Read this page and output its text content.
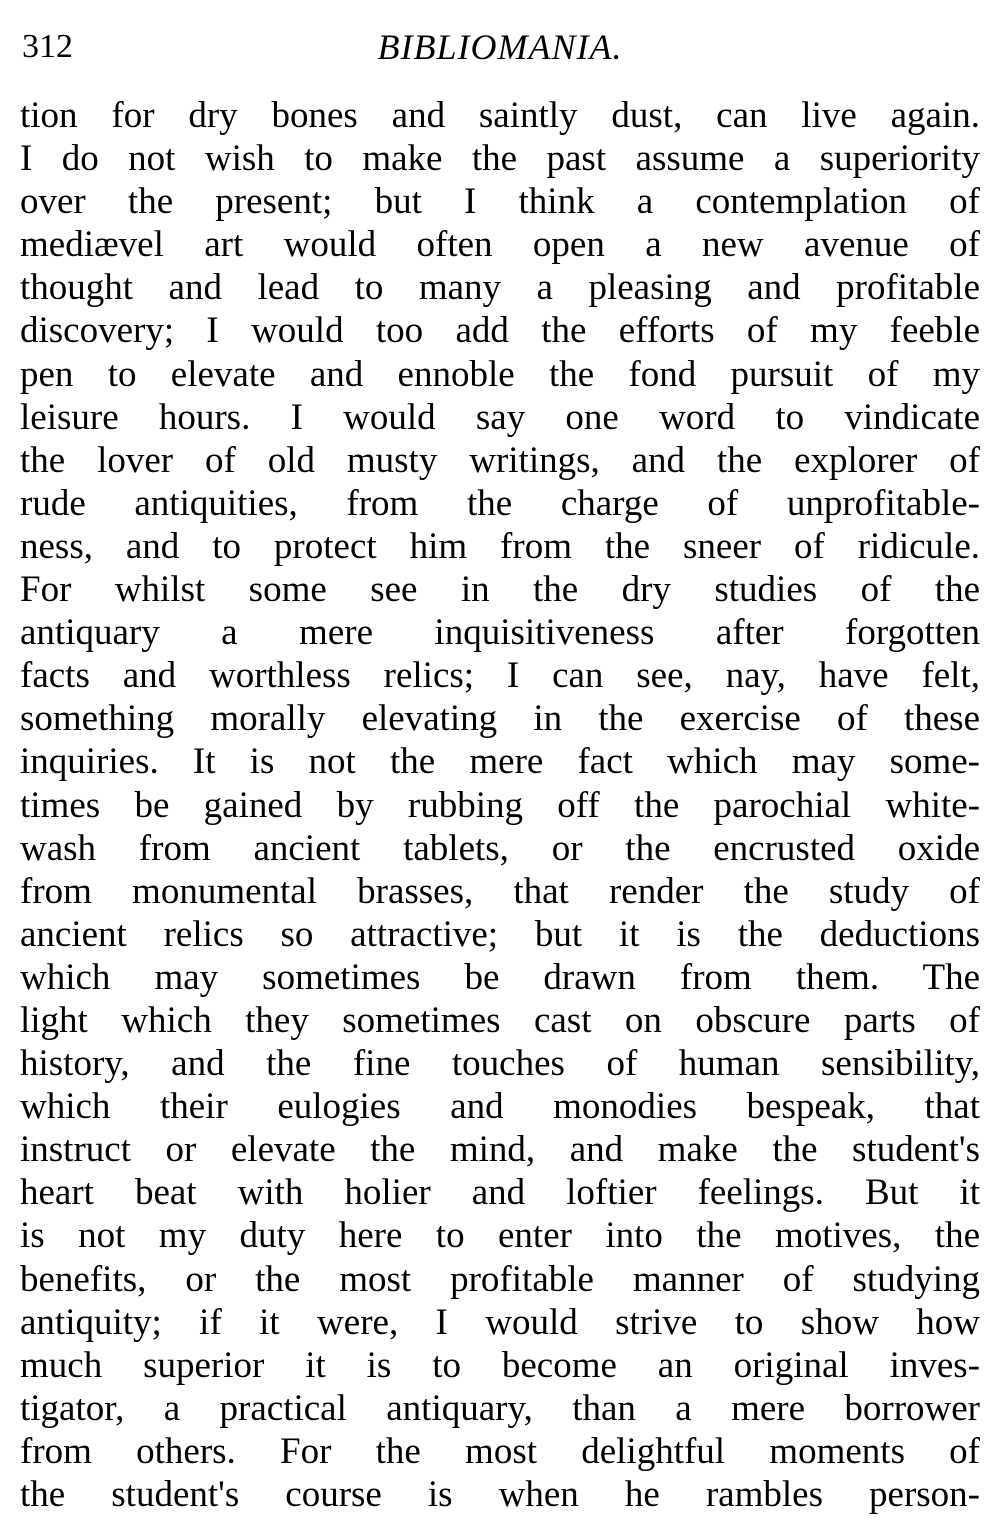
312	BIBLIOMANIA.
tion for dry bones and saintly dust, can live again.
I do not wish to make the past assume a superiority
over the present; but I think a contemplation of
mediævel art would often open a new avenue of
thought and lead to many a pleasing and profitable
discovery; I would too add the efforts of my feeble
pen to elevate and ennoble the fond pursuit of my
leisure hours. I would say one word to vindicate
the lover of old musty writings, and the explorer of
rude antiquities, from the charge of unprofitable-
ness, and to protect him from the sneer of ridicule.
For whilst some see in the dry studies of the
antiquary a mere inquisitiveness after forgotten
facts and worthless relics; I can see, nay, have felt,
something morally elevating in the exercise of these
inquiries. It is not the mere fact which may some-
times be gained by rubbing off the parochial white-
wash from ancient tablets, or the encrusted oxide
from monumental brasses, that render the study of
ancient relics so attractive; but it is the deductions
which may sometimes be drawn from them. The
light which they sometimes cast on obscure parts of
history, and the fine touches of human sensibility,
which their eulogies and monodies bespeak, that
instruct or elevate the mind, and make the student's
heart beat with holier and loftier feelings. But it
is not my duty here to enter into the motives, the
benefits, or the most profitable manner of studying
antiquity; if it were, I would strive to show how
much superior it is to become an original inves-
tigator, a practical antiquary, than a mere borrower
from others. For the most delightful moments of
the student's course is when he rambles person-
